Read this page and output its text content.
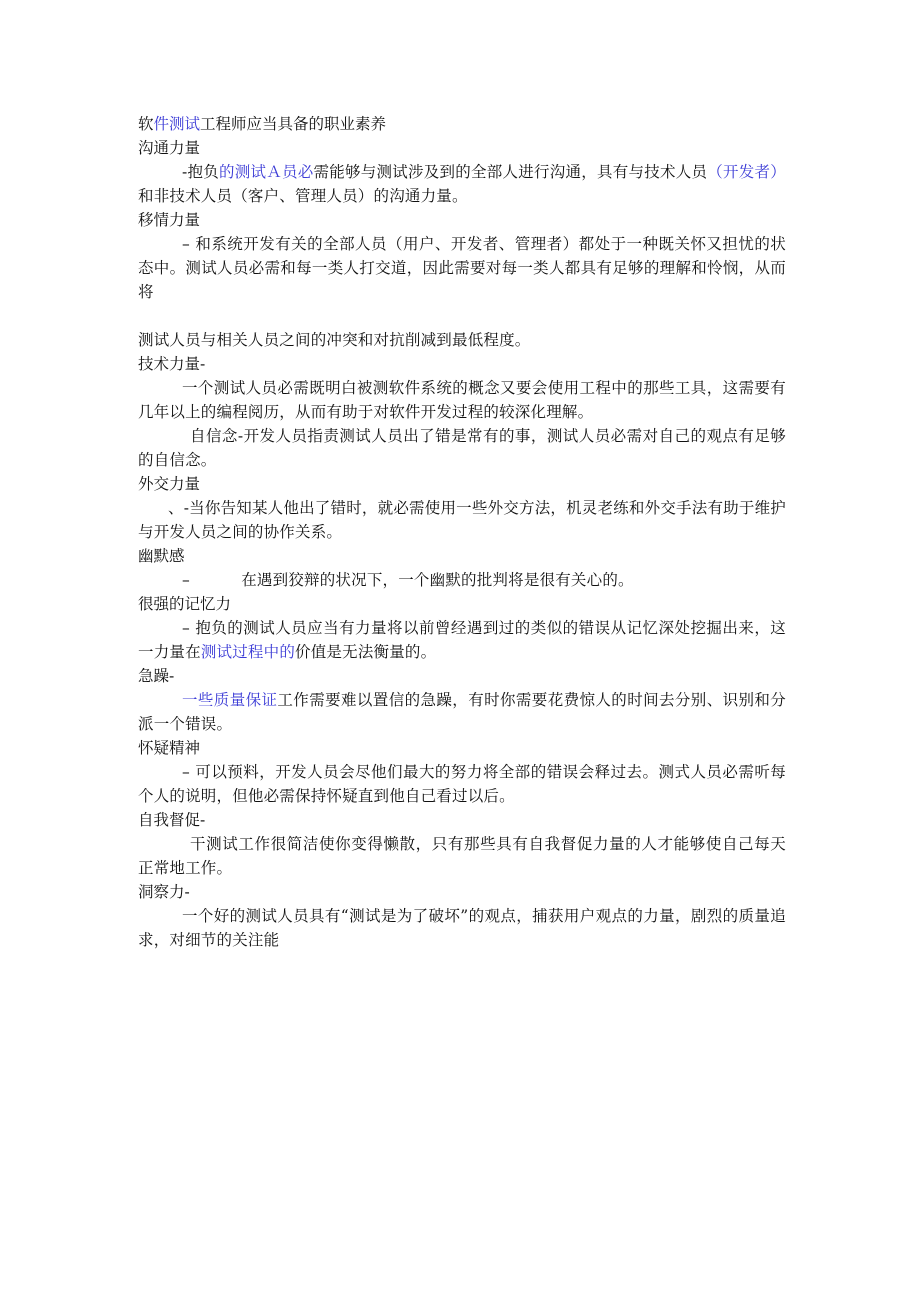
软件测试工程师应当具备的职业素养

沟通力量

-抱负的测试Ａ员必需能够与测试涉及到的全部人进行沟通，具有与技术人员（开发者）和非技术人员（客户、管理人员）的沟通力量。

移情力量

– 和系统开发有关的全部人员（用户、开发者、管理者）都处于一种既关怀又担忧的状态中。测试人员必需和每一类人打交道，因此需要对每一类人都具有足够的理解和怜悯，从而将

测试人员与相关人员之间的冲突和对抗削减到最低程度。

技术力量-

一个测试人员必需既明白被测软件系统的概念又要会使用工程中的那些工具，这需要有几年以上的编程阅历，从而有助于对软件开发过程的较深化理解。

自信念-开发人员指责测试人员出了错是常有的事，测试人员必需对自己的观点有足够的自信念。

外交力量

、-当你告知某人他出了错时，就必需使用一些外交方法，机灵老练和外交手法有助于维护与开发人员之间的协作关系。

幽默感

–          在遇到狡辩的状况下，一个幽默的批判将是很有关心的。

很强的记忆力

– 抱负的测试人员应当有力量将以前曾经遇到过的类似的错误从记忆深处挖掘出来，这一力量在测试过程中的价值是无法衡量的。

急躁-

一些质量保证工作需要难以置信的急躁，有时你需要花费惊人的时间去分别、识别和分派一个错误。

怀疑精神

– 可以预料，开发人员会尽他们最大的努力将全部的错误会释过去。测式人员必需听每个人的说明，但他必需保持怀疑直到他自己看过以后。

自我督促-

干测试工作很简洁使你变得懒散，只有那些具有自我督促力量的人才能够使自己每天正常地工作。

洞察力-

一个好的测试人员具有“测试是为了破坏”的观点，捕获用户观点的力量，剧烈的质量追求，对细节的关注能
